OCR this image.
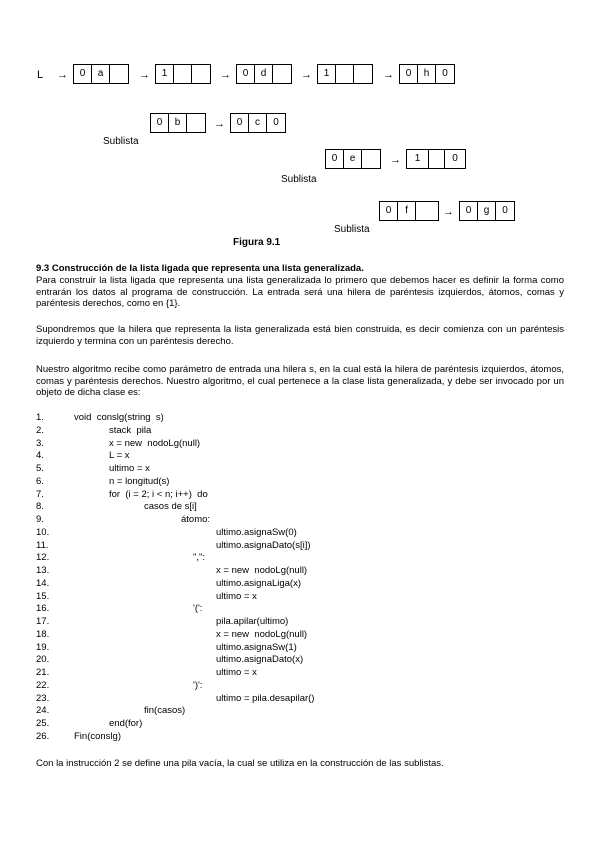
L →	→	→	→	→
0	a	1	0	d	1	0	h	0
0	b	→	0	c	0
Sublista
0	e	→	1	0
Sublista
0	f	→	0	g	0
Sublista
Figura 9.1
9.3 Construcción de la lista ligada que representa una lista generalizada.
Para construir la lista ligada que representa una lista generalizada lo primero que debemos hacer es definir la forma como entrarán los datos al programa de construcción. La entrada será una hilera de paréntesis izquierdos, átomos, comas y paréntesis derechos, como en {1}.
Supondremos que la hilera que representa la lista generalizada está bien construida, es decir comienza con un paréntesis izquierdo y termina con un paréntesis derecho.
Nuestro algoritmo recibe como parámetro de entrada una hilera s, en la cual está la hilera de paréntesis izquierdos, átomos, comas y paréntesis derechos. Nuestro algoritmo, el cual pertenece a la clase lista generalizada, y debe ser invocado por un objeto de dicha clase es:
1.	void  conslg(string  s)
2.	stack  pila
3.	x = new  nodoLg(null)
4.	L = x
5.	ultimo = x
6.	n = longitud(s)
7.	for  (i = 2; i < n; i++)  do
8.	casos de s[i]
9.	átomo:
10.	ultimo.asignaSw(0)
11.	ultimo.asignaDato(s[i])
12.	",":
13.	x = new  nodoLg(null)
14.	ultimo.asignaLiga(x)
15.	ultimo = x
16.	'(':
17.	pila.apilar(ultimo)
18.	x = new  nodoLg(null)
19.	ultimo.asignaSw(1)
20.	ultimo.asignaDato(x)
21.	ultimo = x
22.	')':
23.	ultimo = pila.desapilar()
24.	fin(casos)
25.	end(for)
26.	Fin(conslg)
Con la instrucción 2 se define una pila vacía, la cual se utiliza en la construcción de las sublistas.
